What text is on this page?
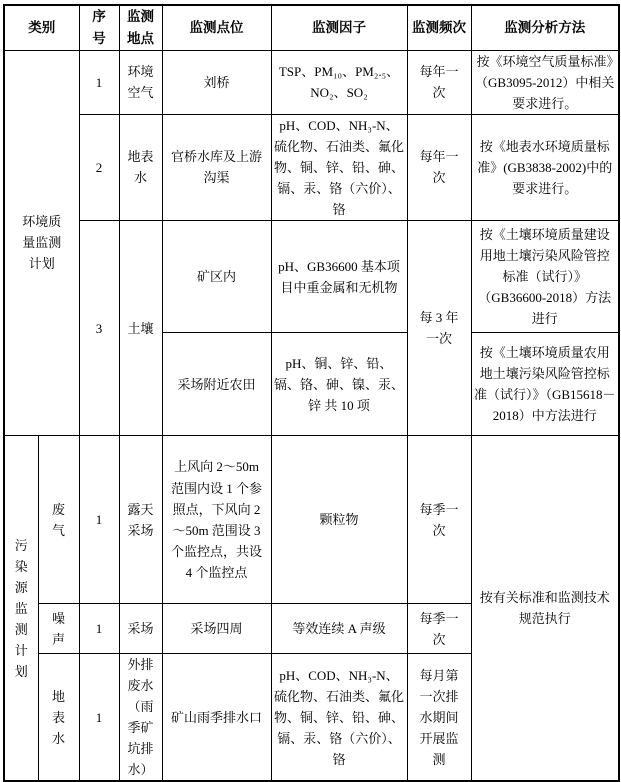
类别		序号	监测地点	监测点位	监测因子	监测频次	监测分析方法

环境质量监测计划		1	环境空气	刘桥	TSP、PM₁₀、PM₂.₅、NO₂、SO₂	每年一次	按《环境空气质量标准》（GB3095-2012）中相关要求进行。
		2	地表水	官桥水库及上游沟渠	pH、COD、NH₃-N、硫化物、石油类、氟化物、铜、锌、铅、砷、镉、汞、铬（六价）、铬	每年一次	按《地表水环境质量标准》(GB3838-2002)中的要求进行。
		3	土壤	矿区内	pH、GB36600 基本项目中重金属和无机物	每 3 年一次	按《土壤环境质量建设用地土壤污染风险管控标准（试行）》（GB36600-2018）方法进行
				采场附近农田	pH、铜、锌、铅、镉、铬、砷、镍、汞、锌 共 10 项		按《土壤环境质量农用地土壤污染风险管控标准（试行）》（GB15618－2018）中方法进行

污染源监测计划	废气	1	露天采场	上风向 2～50m 范围内设 1 个参照点，下风向 2～50m 范围设 3 个监控点，共设 4 个监控点	颗粒物	每季一次	按有关标准和监测技术规范执行

	噪声	1	采场	采场四周	等效连续 A 声级	每季一次	

	地表水	1	外排废水（雨季矿坑排水）	矿山雨季排水口	pH、COD、NH₃-N、硫化物、石油类、氟化物、铜、锌、铅、砷、镉、汞、铬（六价）、铬	每月第一次排水期间开展监测	
